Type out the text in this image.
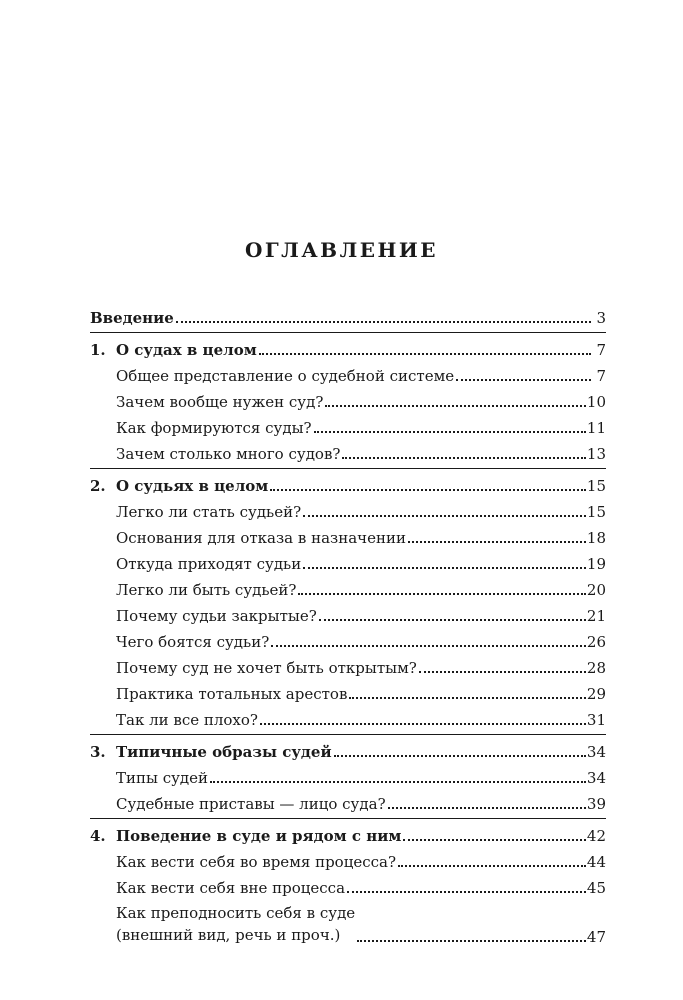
ОГЛАВЛЕНИЕ
Введение	3
1. О судах в целом	7
Общее представление о судебной системе	7
Зачем вообще нужен суд?	10
Как формируются суды?	11
Зачем столько много судов?	13
2. О судьях в целом	15
Легко ли стать судьей?	15
Основания для отказа в назначении	18
Откуда приходят судьи	19
Легко ли быть судьей?	20
Почему судьи закрытые?	21
Чего боятся судьи?	26
Почему суд не хочет быть открытым?	28
Практика тотальных арестов	29
Так ли все плохо?	31
3. Типичные образы судей	34
Типы судей	34
Судебные приставы — лицо суда?	39
4. Поведение в суде и рядом с ним	42
Как вести себя во время процесса?	44
Как вести себя вне процесса	45
Как преподносить себя в суде
(внешний вид, речь и проч.)	47
